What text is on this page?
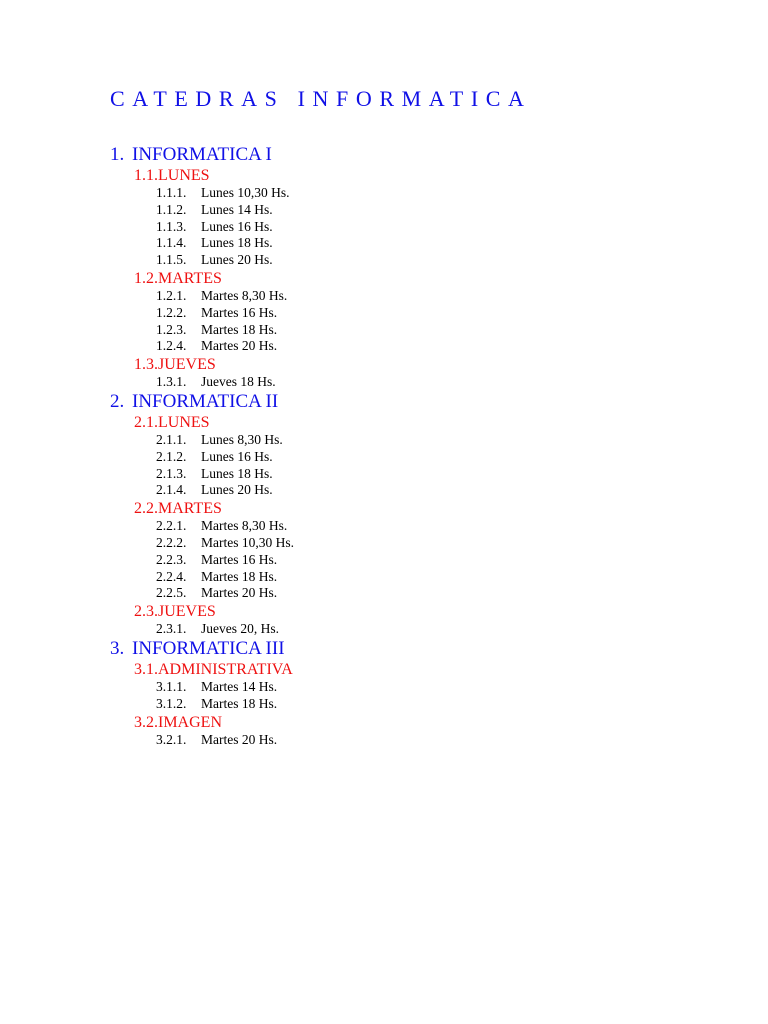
CATEDRAS INFORMATICA
1. INFORMATICA I
1.1. LUNES
1.1.1.	Lunes 10,30 Hs.
1.1.2.	Lunes 14 Hs.
1.1.3.	Lunes 16 Hs.
1.1.4.	Lunes 18 Hs.
1.1.5.	Lunes 20 Hs.
1.2. MARTES
1.2.1.	Martes 8,30 Hs.
1.2.2.	Martes 16 Hs.
1.2.3.	Martes 18 Hs.
1.2.4.	Martes 20 Hs.
1.3. JUEVES
1.3.1.	Jueves 18 Hs.
2. INFORMATICA II
2.1. LUNES
2.1.1.	Lunes 8,30 Hs.
2.1.2.	Lunes 16 Hs.
2.1.3.	Lunes 18 Hs.
2.1.4.	Lunes 20 Hs.
2.2. MARTES
2.2.1.	Martes 8,30 Hs.
2.2.2.	Martes 10,30 Hs.
2.2.3.	Martes 16 Hs.
2.2.4.	Martes 18 Hs.
2.2.5.	Martes 20 Hs.
2.3. JUEVES
2.3.1.	Jueves 20, Hs.
3. INFORMATICA III
3.1. ADMINISTRATIVA
3.1.1.	Martes 14 Hs.
3.1.2.	Martes 18 Hs.
3.2. IMAGEN
3.2.1.	Martes 20 Hs.
